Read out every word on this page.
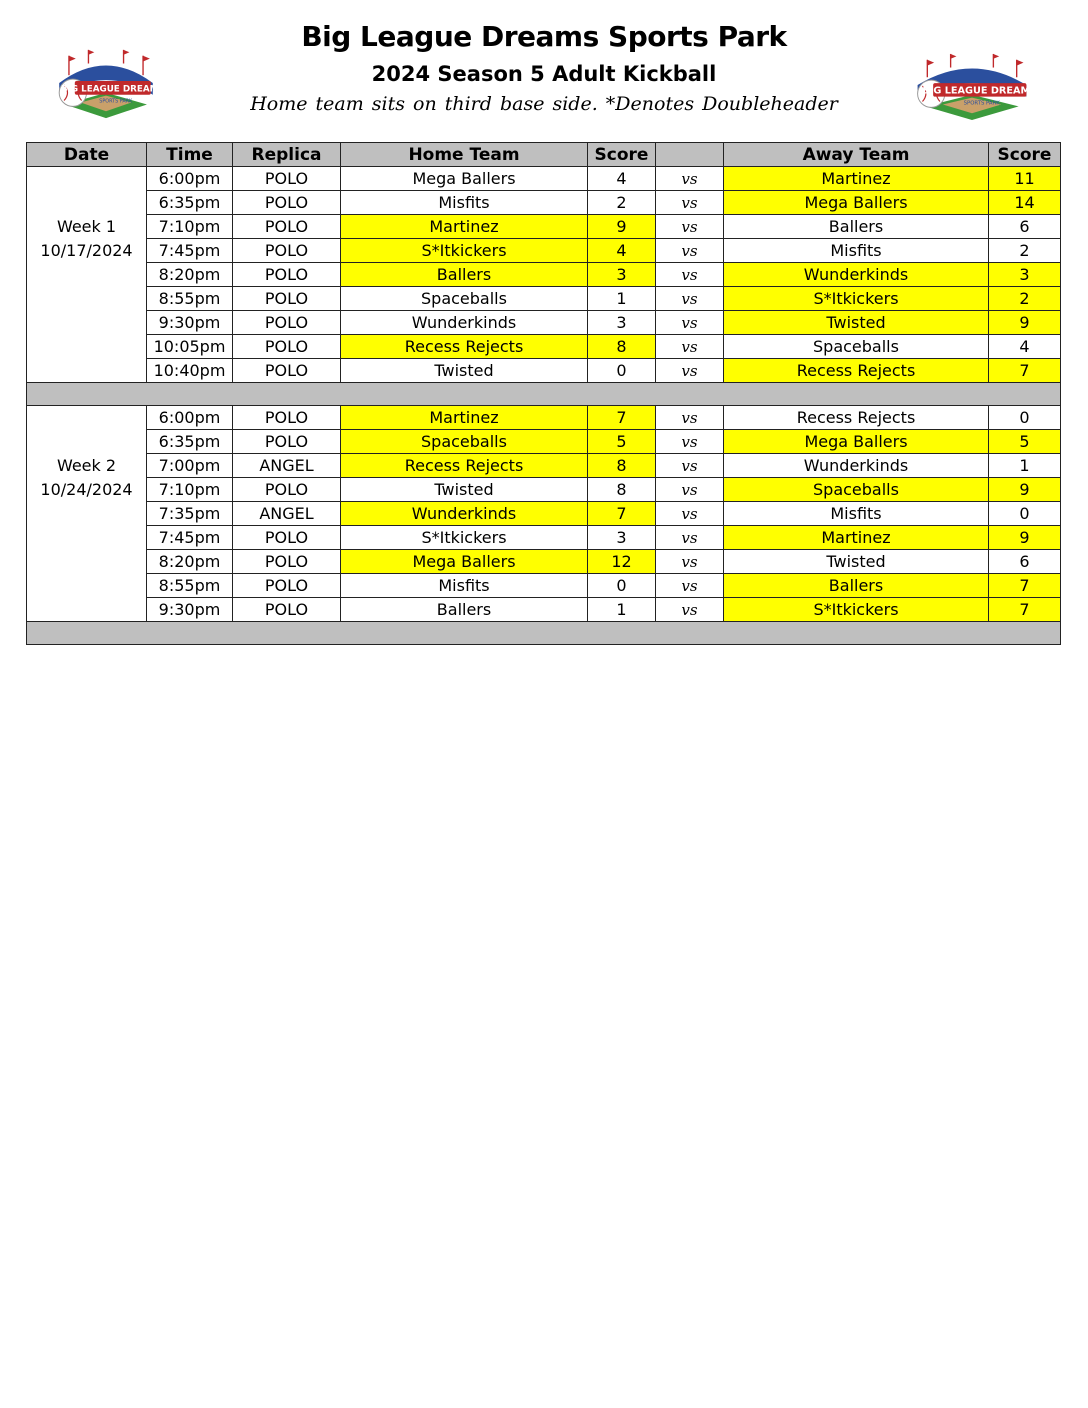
BIG LEAGUE DREAMS
SPORTS PARK
Big League Dreams Sports Park
2024 Season 5 Adult Kickball
Home team sits on third base side. *Denotes Doubleheader
BIG LEAGUE DREAMS
SPORTS PARK
Date	Time	Replica	Home Team	Score		Away Team	Score
	6:00pm	POLO	Mega Ballers	4	vs	Martinez	11
	6:35pm	POLO	Misfits	2	vs	Mega Ballers	14
Week 1	7:10pm	POLO	Martinez	9	vs	Ballers	6
10/17/2024	7:45pm	POLO	S*Itkickers	4	vs	Misfits	2
	8:20pm	POLO	Ballers	3	vs	Wunderkinds	3
	8:55pm	POLO	Spaceballs	1	vs	S*Itkickers	2
	9:30pm	POLO	Wunderkinds	3	vs	Twisted	9
	10:05pm	POLO	Recess Rejects	8	vs	Spaceballs	4
	10:40pm	POLO	Twisted	0	vs	Recess Rejects	7

	6:00pm	POLO	Martinez	7	vs	Recess Rejects	0
	6:35pm	POLO	Spaceballs	5	vs	Mega Ballers	5
Week 2	7:00pm	ANGEL	Recess Rejects	8	vs	Wunderkinds	1
10/24/2024	7:10pm	POLO	Twisted	8	vs	Spaceballs	9
	7:35pm	ANGEL	Wunderkinds	7	vs	Misfits	0
	7:45pm	POLO	S*Itkickers	3	vs	Martinez	9
	8:20pm	POLO	Mega Ballers	12	vs	Twisted	6
	8:55pm	POLO	Misfits	0	vs	Ballers	7
	9:30pm	POLO	Ballers	1	vs	S*Itkickers	7
